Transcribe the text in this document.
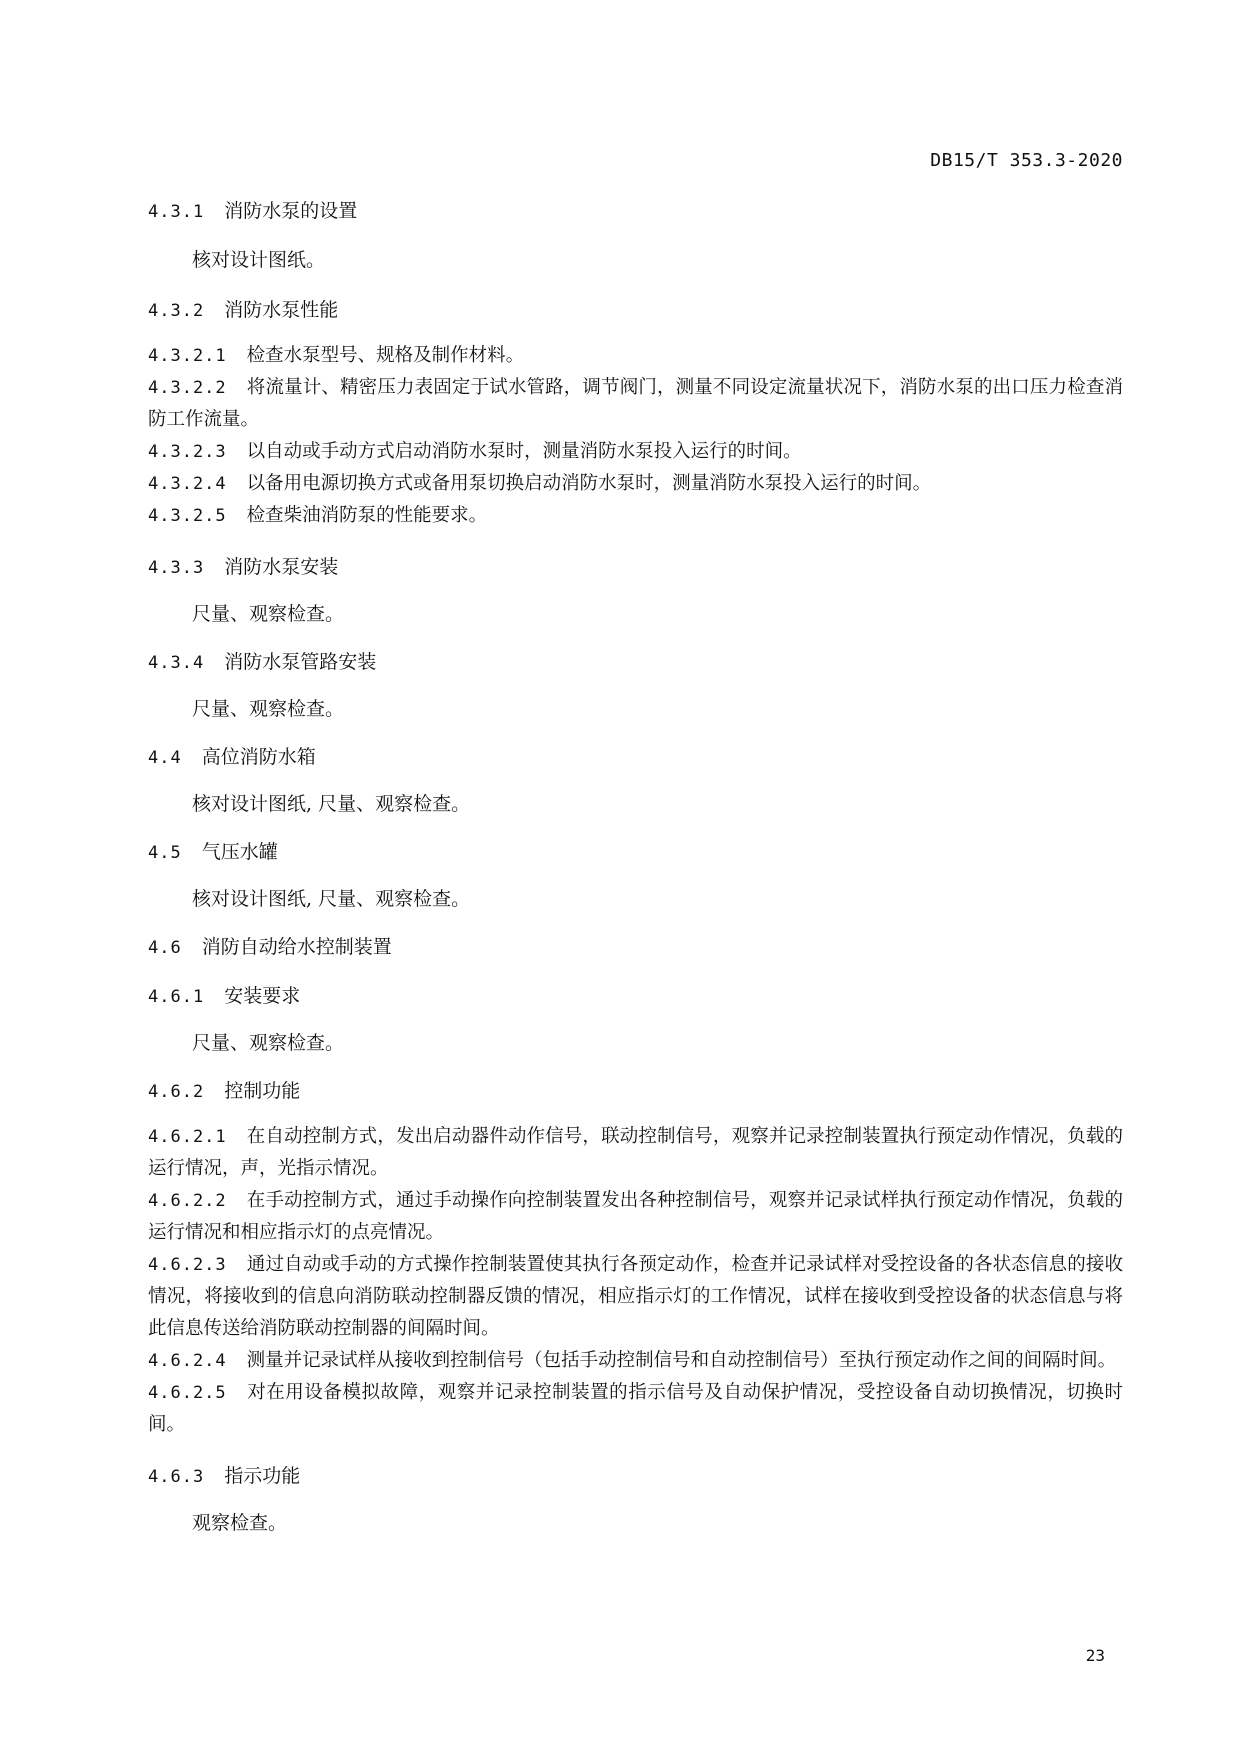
DB15/T 353.3-2020

4.3.1 消防水泵的设置

核对设计图纸。

4.3.2 消防水泵性能

4.3.2.1 检查水泵型号、规格及制作材料。

4.3.2.2 将流量计、精密压力表固定于试水管路，调节阀门，测量不同设定流量状况下，消防水泵的出口压力检查消防工作流量。

4.3.2.3 以自动或手动方式启动消防水泵时，测量消防水泵投入运行的时间。

4.3.2.4 以备用电源切换方式或备用泵切换启动消防水泵时，测量消防水泵投入运行的时间。

4.3.2.5 检查柴油消防泵的性能要求。

4.3.3 消防水泵安装

尺量、观察检查。

4.3.4 消防水泵管路安装

尺量、观察检查。

4.4 高位消防水箱

核对设计图纸, 尺量、观察检查。

4.5 气压水罐

核对设计图纸, 尺量、观察检查。

4.6 消防自动给水控制装置

4.6.1 安装要求

尺量、观察检查。

4.6.2 控制功能

4.6.2.1 在自动控制方式，发出启动器件动作信号，联动控制信号，观察并记录控制装置执行预定动作情况，负载的运行情况，声，光指示情况。

4.6.2.2 在手动控制方式，通过手动操作向控制装置发出各种控制信号，观察并记录试样执行预定动作情况，负载的运行情况和相应指示灯的点亮情况。

4.6.2.3 通过自动或手动的方式操作控制装置使其执行各预定动作，检查并记录试样对受控设备的各状态信息的接收情况，将接收到的信息向消防联动控制器反馈的情况，相应指示灯的工作情况，试样在接收到受控设备的状态信息与将此信息传送给消防联动控制器的间隔时间。

4.6.2.4 测量并记录试样从接收到控制信号（包括手动控制信号和自动控制信号）至执行预定动作之间的间隔时间。

4.6.2.5 对在用设备模拟故障，观察并记录控制装置的指示信号及自动保护情况，受控设备自动切换情况，切换时间。

4.6.3 指示功能

观察检查。

23
